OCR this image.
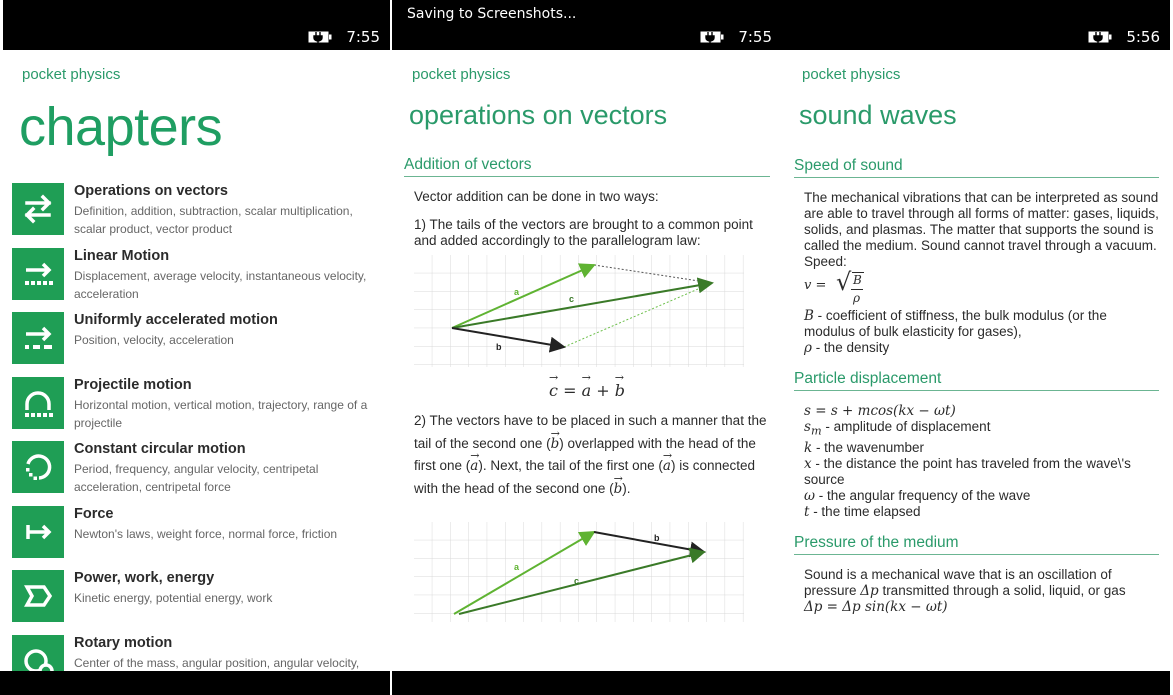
7:55
pocket physics
chapters
Operations on vectors
Definition, addition, subtraction, scalar multiplication, scalar product, vector product
Linear Motion
Displacement, average velocity, instantaneous velocity, acceleration
Uniformly accelerated motion
Position, velocity, acceleration
Projectile motion
Horizontal motion, vertical motion, trajectory, range of a projectile
Constant circular motion
Period, frequency, angular velocity, centripetal acceleration, centripetal force
Force
Newton's laws, weight force, normal force, friction
Power, work, energy
Kinetic energy, potential energy, work
Rotary motion
Center of the mass, angular position, angular velocity,
Saving to Screenshots...
7:55
pocket physics
operations on vectors
Addition of vectors
Vector addition can be done in two ways:
1) The tails of the vectors are brought to a common point and added accordingly to the parallelogram law:
a
c
b
→ c = → a + → b
2) The vectors have to be placed in such a manner that the tail of the second one (→ b) overlapped with the head of the first one (→ a). Next, the tail of the first one (→ a) is connected with the head of the second one (→ b).
a
b
c
5:56
pocket physics
sound waves
Speed of sound
The mechanical vibrations that can be interpreted as sound are able to travel through all forms of matter: gases, liquids, solids, and plasmas. The matter that supports the sound is called the medium. Sound cannot travel through a vacuum.
Speed:
v = √ B
ρ
B - coefficient of stiffness, the bulk modulus (or the modulus of bulk elasticity for gases),
ρ - the density
Particle displacement
s = s + mcos(kx − ωt)
$s_m$ - amplitude of displacement
k - the wavenumber
x - the distance the point has traveled from the wave\'s source
ω - the angular frequency of the wave
t - the time elapsed
Pressure of the medium
Sound is a mechanical wave that is an oscillation of pressure Δp transmitted through a solid, liquid, or gas
Δp = Δp sin(kx − ωt)
